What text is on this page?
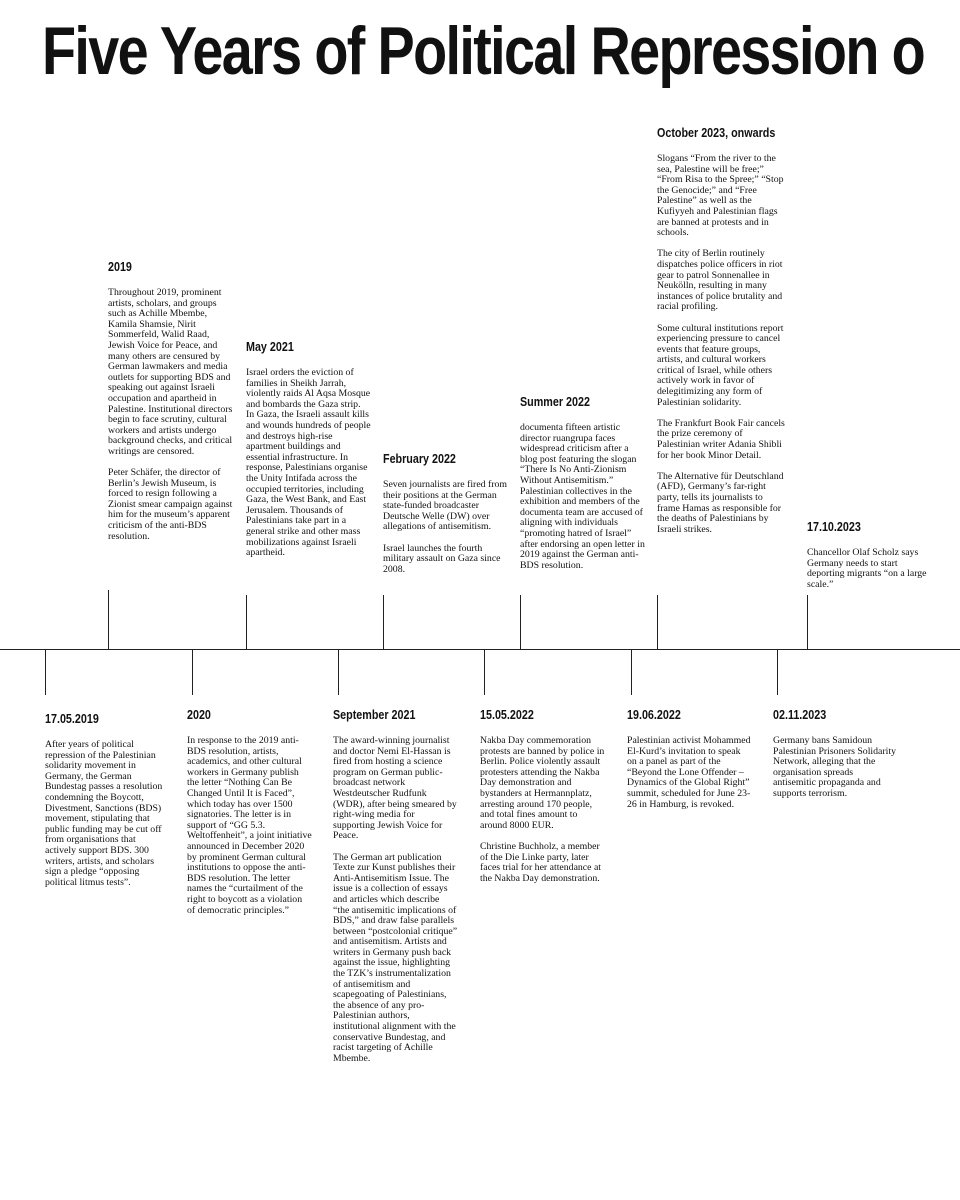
Five Years of Political Repression o
2019

Throughout 2019, prominent artists, scholars, and groups such as Achille Mbembe, Kamila Shamsie, Nirit Sommerfeld, Walid Raad, Jewish Voice for Peace, and many others are censured by German lawmakers and media outlets for supporting BDS and speaking out against Israeli occupation and apartheid in Palestine. Institutional directors begin to face scrutiny, cultural workers and artists undergo background checks, and critical writings are censored.

Peter Schäfer, the director of Berlin’s Jewish Museum, is forced to resign following a Zionist smear campaign against him for the museum’s apparent criticism of the anti-BDS resolution.

May 2021

Israel orders the eviction of families in Sheikh Jarrah, violently raids Al Aqsa Mosque and bombards the Gaza strip. In Gaza, the Israeli assault kills and wounds hundreds of people and destroys high-rise apartment buildings and essential infrastructure. In response, Palestinians organise the Unity Intifada across the occupied territories, including Gaza, the West Bank, and East Jerusalem. Thousands of Palestinians take part in a general strike and other mass mobilizations against Israeli apartheid.

February 2022

Seven journalists are fired from their positions at the German state-funded broadcaster Deutsche Welle (DW) over allegations of antisemitism.

Israel launches the fourth military assault on Gaza since 2008.

Summer 2022

documenta fifteen artistic director ruangrupa faces widespread criticism after a blog post featuring the slogan “There Is No Anti-Zionism Without Antisemitism.” Palestinian collectives in the exhibition and members of the documenta team are accused of aligning with individuals “promoting hatred of Israel” after endorsing an open letter in 2019 against the German anti-BDS resolution.

October 2023, onwards

Slogans “From the river to the sea, Palestine will be free;” “From Risa to the Spree;” “Stop the Genocide;” and “Free Palestine” as well as the Kufiyyeh and Palestinian flags are banned at protests and in schools.

The city of Berlin routinely dispatches police officers in riot gear to patrol Sonnenallee in Neukölln, resulting in many instances of police brutality and racial profiling.

Some cultural institutions report experiencing pressure to cancel events that feature groups, artists, and cultural workers critical of Israel, while others actively work in favor of delegitimizing any form of Palestinian solidarity.

The Frankfurt Book Fair cancels the prize ceremony of Palestinian writer Adania Shibli for her book Minor Detail.

The Alternative für Deutschland (AFD), Germany’s far-right party, tells its journalists to frame Hamas as responsible for the deaths of Palestinians by Israeli strikes.	17.10.2023

Chancellor Olaf Scholz says Germany needs to start deporting migrants “on a large scale.”

17.05.2019

After years of political repression of the Palestinian solidarity movement in Germany, the German Bundestag passes a resolution condemning the Boycott, Divestment, Sanctions (BDS) movement, stipulating that public funding may be cut off from organisations that actively support BDS. 300 writers, artists, and scholars sign a pledge “opposing political litmus tests”.

2020

In response to the 2019 anti-BDS resolution, artists, academics, and other cultural workers in Germany publish the letter “Nothing Can Be Changed Until It is Faced”, which today has over 1500 signatories. The letter is in support of “GG 5.3. Weltoffenheit”, a joint initiative announced in December 2020 by prominent German cultural institutions to oppose the anti-BDS resolution. The letter names the “curtailment of the right to boycott as a violation of democratic principles.”

September 2021

The award-winning journalist and doctor Nemi El-Hassan is fired from hosting a science program on German public-broadcast network Westdeutscher Rudfunk (WDR), after being smeared by right-wing media for supporting Jewish Voice for Peace.

The German art publication Texte zur Kunst publishes their Anti-Antisemitism Issue. The issue is a collection of essays and articles which describe “the antisemitic implications of BDS,” and draw false parallels between “postcolonial critique” and antisemitism. Artists and writers in Germany push back against the issue, highlighting the TZK’s instrumentalization of antisemitism and scapegoating of Palestinians, the absence of any pro-Palestinian authors, institutional alignment with the conservative Bundestag, and racist targeting of Achille Mbembe.

15.05.2022

Nakba Day commemoration protests are banned by police in Berlin. Police violently assault protesters attending the Nakba Day demonstration and bystanders at Hermannplatz, arresting around 170 people, and total fines amount to around 8000 EUR.

Christine Buchholz, a member of the Die Linke party, later faces trial for her attendance at the Nakba Day demonstration.

19.06.2022

Palestinian activist Mohammed El-Kurd’s invitation to speak on a panel as part of the “Beyond the Lone Offender – Dynamics of the Global Right” summit, scheduled for June 23-26 in Hamburg, is revoked.

02.11.2023

Germany bans Samidoun Palestinian Prisoners Solidarity Network, alleging that the organisation spreads antisemitic propaganda and supports terrorism.
